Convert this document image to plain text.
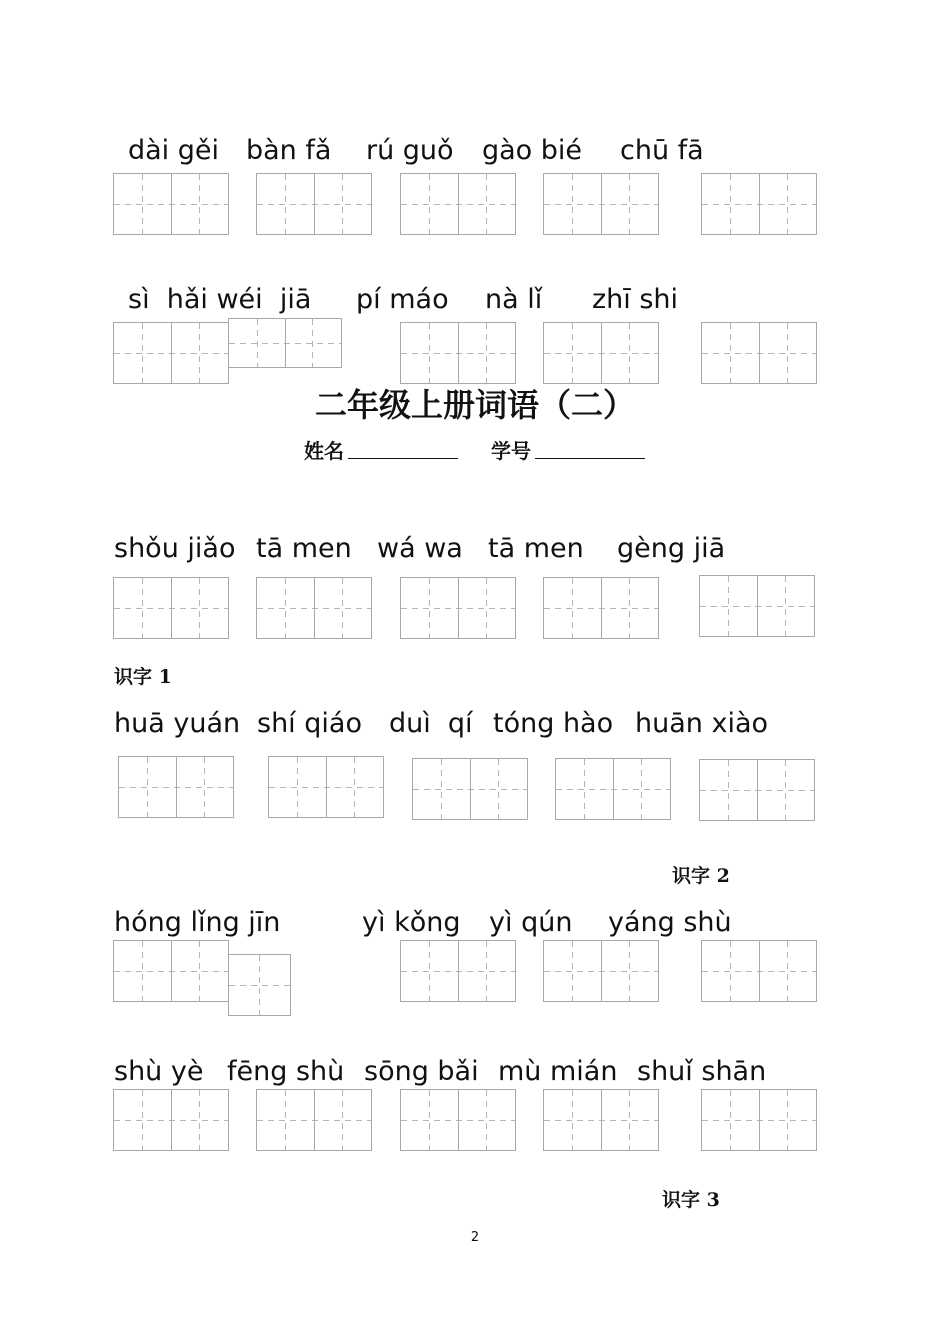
dài gěi bàn fǎ rú guǒ gào bié chū fā
sì  hǎi wéi  jiā pí máo nà lǐ zhī shi
二年级上册词语（二）
姓名	学号
shǒu jiǎo tā men wá wa tā men gèng jiā
识字 1
huā yuán shí qiáo duì  qí tóng hào huān xiào
识字 2
hóng lǐng jīn	yì kǒng yì qún yáng shù
shù yè fēng shù sōng bǎi mù mián shuǐ shān
识字 3
2
